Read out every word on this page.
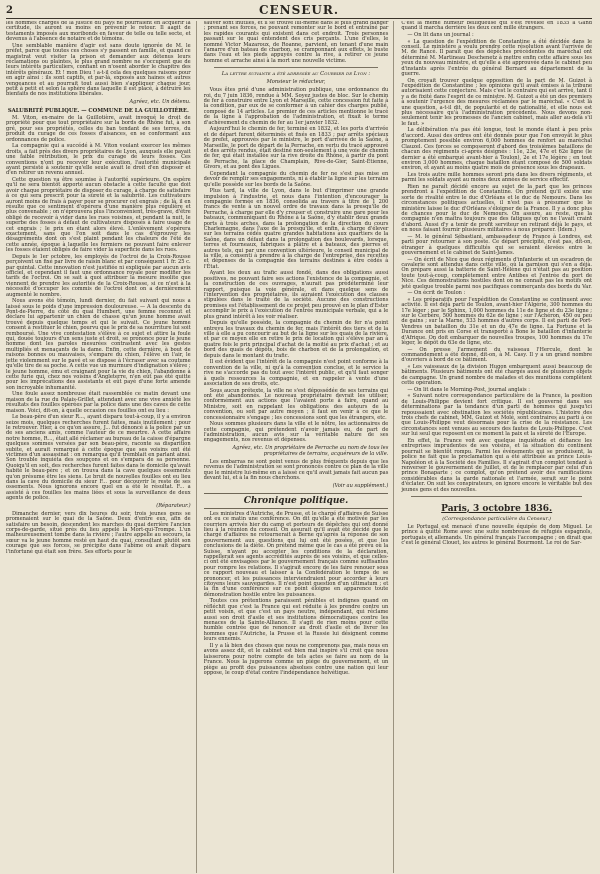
2	CENSEUR.

les hommes chargés de la justice du pays ne pourraient en acquérir la certitude, ils auront su moins en prévenir le retour. Il aagit de testaments imposés aux moribonds en faveur de telle ou telle secte, et devenus à l'absence de notaire et de témoins.

Une semblable manière d'agir est sans doute ignorée de M. le préfet, parce que toutes ces choses s'y passent en famille, et quand ce magistrat veut visiter la prison et demander aux détenus leurs réclamations ou plaintes, le plus grand nombre ne s'occupent que de leurs intérêts particuliers, confiant en n'osent aborder le chapitre des intérêts généraux. Et ! mon Dieu ! a-t-il cela des quelques raisons pour en agir ainsi : ils sont captifs, et par-là, exposés aux haines et autres vengeances et au pourrait tout aussi bien s'appliquer chaque jour, petit à petit et selon la sphère dans laquelle il est placé, à détruire les bienfaits de nos institutions libérales.

Agréez, etc. Un détenu.

SALUBRITÉ PUBLIQUE. — COMMUNE DE LA GUILLOTIÈRE.

M. Viton, ex-maire de la Guillotière, avait invoqué le droit de propriété pour que tout propriétaire sur la bords de Rhône fut, à son gré, pour ses propriétés, celles du ban tendant de ses terres, du produit du curage de ces fosses d'aisances, en se conformant aux ordonnances de police.

La compagnie qui a succédé à M. Viton voulant exercer les mêmes droits, a fait près des divers propriétaires de Lyon, auxquels elle payait une faible rétribution, le prix du curage de leurs fosses. Ces conventions n'ont pu recevoir leur exécution, l'autorité municipale ayant persisté à soutenir qu'elle seule avait le droit d'en disposer et d'en retirer un revenu annuel.

Cette question va être soumise à l'autorité supérieure. On espère qu'il ne sera bientôt apporté aucun obstacle à cette faculté que doit avoir chaque propriétaire de disposer du curage, à charge de satisfaire à ce qui sera prescrit pour la sûreté et la salubrité. Les cultivateurs auront moins de frais à payer pour se procurer cet engrais ; de là, il en résulte que ce sentiment d'opérera d'une manière plus régulière et plus convenable ; on n'éprouvera plus l'inconvénient, très-grave, d'être obligé de recevoir à vider dans les rues voisines, et pendant la nuit, le superbe des fosses à défaut de cultivateurs disposés à faire usage de cet engrais ; le prix en étant alors élevé. L'enlèvement s'opérera exactement, sans que l'on soit dans le cas d'éprouver les désagréments dont on s'est plaint pendant les chaleurs de l'été de cette année, époque à laquelle les fermiers ne pouvant faire enlever les fosses étaient obligés de faire vider la superficie dans les rues.

Depuis le 1er octobre, les employés de l'octroi de la Croix-Rousse perçoivent un fixé par livre de raisin blanc et par conséquent 1 fr. 25 c. par quintal. Cette innovation n'est justifiée ni expliquée par aucun avis officiel, et cependant il faut une ordonnance royale pour modifier les tarifs de l'octroi. On se sait à quoi attribuer la mesure insolite que viennent de prendre les autorités de la Croix-Rousse, si ce n'est à la nécessité d'occuper les commis de l'octroi dont on a dernièrement augmenté le nombre.

Nous avons été témoin, lundi dernier, du fait suivant qui nous a laissé sous le poids d'une impression douloureuse. — A la descente du Pont-de-Pierre, du côté du quai Humbert, une femme reconnut et déclare lui appartenir un chien de chasse qu'un jeune homme avait trouvé depuis quelque temps et qui le suivait. Ce jeune homme consent à restituer le chien, pourvu que le prix de sa nourriture lui soit remboursé. Une vive contestation s'élève à ce sujet et attire la foule qui, douée toujours d'un sens juste et droit, se prononce pour le jeune homme dont les paroles mesurées contrastent avec les gestes multipliés et menaçants de la dame. Enfin, cette dernière, à bout de raisons bonnes ou mauvaises, s'empare du chien, l'élève en l'air, le jette violemment sur le pavé et se dispose à l'écraser avec sa coutume qu'elle tire de sa poche. A cette vue un murmure d'indignation s'élève ; le jeune homme, ému et craignant pour la vie du chien, l'abandonne à cette furie qui, chez nos voisins d'Angleterre, n'en eût pas été quitte pour les imprécations des assistants et eût payé d'une forte amende son incroyable inhumanité.

Une foule assez nombreuse était rassemblée ce matin devant une maison de la rue du Palais-Grillet, attendant avec une vive anxiété les résultats des fouilles opérées par la police dans une des caves de cette maison. Voici, dit-on, à quelle occasion ces fouilles ont eu lieu :

Le beau-père d'un sieur R..., ayant disparu tout-à-coup, il y a environ seize mois, quelques recherches furent faites, mais inutilement ; pour le retrouver. Hier, à ce qu'on assure, J... fut dénoncé à la police par un de ses anciens amis, comme l'auteur de ce meurtre. A cette affaire notre homme, R..., était allé réclamer au bureau de la caisse d'épargne quelques sommes versées par son beau-père, raconte sa disparition subite, et aurait remarqué à cette époque que ses voisins ont été victimes d'un assassinat : on remarqua qu'il tremblait en parlant ainsi. Son trouble inquiéta des soupçons et on s'empara de sa personne. Quoiqu'il en soit, des recherches furent faites dans le domicile qu'avait habité le beau-père ; et on trouva dans la cave quelques ossements qu'on présume être les siens. Le bruit de nouvelles fouilles ont eu lieu dans la cave du domicile du sieur F... pour découvrir le reste de ses ossements. Nous ignorons encore quel en a été le résultat. F... a assisté à ces fouilles les mains liées et sous la surveillance de deux agents de police.

(Réparateur.)

Dimanche dernier, vers dix heures du soir, trois jeunes gens se promenaient sur le quai de la Saône. Deux d'entre eux, afin de satisfaire un besoin, descendent les marches du quai derrière l'ancien corps-de-garde, situé près du lieu appelé la Mort-qui-Trompe. L'un malheureusement tombe dans la rivière ; l'autre appelle au secours, la sœur va le jeune homme resté en haut du quai, consultant plutôt son courage que ses forces, se précipite dans l'abîme où avait disparu l'infortuné qui était son frère. Ses efforts pour le

sauver sont inutiles, et il se trouve lui-même dans le plus grand danger ; prenant ses forces, ne pouvant remonter sur le bord et entraîné par les rapides courants qui existent dans cet endroit. Trois personnes passant sur le quai entendent des cris perçants. L'une d'elles, le nommé Victor Mazaroux, de Roanne, parvient, en tenant d'une main l'amarre d'un bateau de charbon, se cramponnant aux effets, le buste dans l'eau et les pieds appuyés contre la rive, à retirer ce jeune homme et arrache ainsi à la mort une nouvelle victime.

La lettre suivante a été adressée au Courrier de Lyon :

Monsieur le rédacteur,

Vous êtes prié d'une administration publique, une ordonnance du roi, du 7 juin 1836, rendue à MM. Soyez justes de bloc. Sur le chemin de fer à construire entre Lyon et Marseille, cette concession fut faite à la condition, par eux de se conformer à un cahier des charges publié, composé de 14 articles. Le premier de ces articles mentionne le tracé de la ligne à l'approbation de l'administration, et fixait le terme d'achèvement du chemin de fer au 1er janvier 1832.

Aujourd'hui le chemin de fer, terminé en 1832, et les ports d'arrivée et de départ furent déterminés et fixés en 1833 ; par arrêts spéciaux de prefet, approuvés par le ministre, le port d'arrivée de la Saône, à Marseille, le port de départ de la Perrache, en vertu du tracé approuvé et des arrêts rendus, était destiné non-seulement à une voie de chemin de fer, qui était installée sur la rive droite du Rhône, à partir du pont de Perrache, la place de Champlain, Rive-de-Gier, Saint-Étienne, Givors, et au pont des Ligues.

Cependant la compagnie du chemin de fer ne s'est pas mise en devoir de remplir ses engagements, ni à établir la ligne sur les terrains qu'elle possède sur les bords de la Saône.

Plus tard, la ville de Lyon, dans le but d'imprimer une grande impulsion à l'industrie, et nous dans l'intention d'encourager la compagnie formée en 1836, consolida au travers à titre de 1 200 francs de vente à un nouvel ordre de travaux dans la presqu'île de Perrache, à charge par elle d'y creuser et construire une gare pour les bateaux, communiquant du Rhône à la Saône, d'y établir deux grands ports à trois arches, dans la prolongation de la direction du cours Charlemagne, dans l'axe de la presqu'île, et enfin, à charge d'élever sur les terrains cédés quatre grandes habitations aux quartiers de la Saône, dans un défaut dans la prolongation des boulevards, lorsque, terres et fourneaux, fabriques à plâtre et à bateaux, des pierres et autres tels, qui par une convention ultérieure, le conseil municipal de la ville, a consenti à prendre à la charge de l'entreprise, des recettes et dépenses de la compagnie des terrains destinés à être cédés à l'État.

Ayant les deux au trafic aussi fondé, dans des obligations aussi positives, ne pouvant faire ses actions l'existence de la compagnie, et la construction de ces ouvrages, n'aurait pas prédéterminé leur rapport, puisque la voie générale, et dans quelque sens de l'intervention des propriétaires, ils auraient l'exécution des clauses stipulées dans le traité de la société. Aucune des constructions promises est l'établissement de ce projet peu prouvé en le plan d'Ester accomplir le prix à l'exécution de l'entrée municipale verbale, qui a le plus grand intérêt à les voir réaliser.

Depuis qu'elle possède, la compagnie du chemin de fer n'a point entrevu les travaux du chemin de fer, mais l'intérêt des tiers et de la ville à elle a pu concourir au but de la ligne sur les quais de la rivière, et par ce moyen elle en retire le prix de location qui s'élève par an à quatre fois le prix principal d'achat de la moitié au prix d'achat ; et au bord des quais de dépôts, bois de charbon et de la prolongation, et depuis dans le montant du trafic.

Il est évident que l'intérêt de la compagnie n'est point conforme à la convention de la ville, ni qu'à la convention conclue, et le service la rive ne s'accorde pas du tout avec l'intérêt public, et qu'il faut songer à quels ressources la compagnie, et en rappeler à vente d'une association de ses droits, etc.

Sous aucun prétexte, la ville ne s'est dépossédée de ses terrains qui ont été abandonnés. Le nouveau propriétaire devrait les utiliser, conformément aux actions que l'avaient porte à faire, quand au Ministre, soit en rappelant les obligations des auteurs de la convention, ou soit par autre moyen ; il faut en venir à ce que le concessionnaire s'engage ; les concessions sont que les étrangers, etc.

Nous sommes plusieurs dans la ville et le nôtre, les actionnaires de cette compagnie, qui prétendent n'avoir jamais eu, de part de l'administration, aucun avis sur la véritable nature de ses engagements, nos revenus et dépenses.

Agréez, etc. Un propriétaire de Perrache au nom de tous les propriétaires de terrains, acquéreurs de la ville.

Les embarras ne sont point venus de plus fréquents depuis que les revenus de l'administration se sont prononcés contre ce plan de la ville que le ministre lui-même en a laissé ce qu'il avait jamais fait aucun pas devant lui, et à la fin nous cherchons.

(Voir au supplément.)

Chronique politique.

Les ministres d'Autriche, de Prusse, et le chargé d'affaires de Suisse ont eu ce matin une conférence. On dit qu'elle a été motivée par les courriers arrivés hier du camp et porteurs de dépêches qui ont donné lieu à la réunion du conseil. On assurait qu'il avait été décidé que le chargé d'affaires ne retournerait à Berne qu'après la réponse de son gouvernement aux questions qui lui ont été posées, et que les conclusions de la diète. On prétend même que le cas a été prévu où la Suisse, n'ayant pu accepter les conditions de la déclaration, rappellerait ses agents accrédités auprès de ses voisins, et que celles-ci ont été envisagées par le gouvernement français comme suffisantes pour rompre les relations. Il s'agirait encore de les faire renouer sous ce rapport nouveau et laisser à la Confédération le temps de se prononcer, et les puissances interviendraient pour accorder à leurs citoyens leurs sauvegardes. Il n'est point question d'un ultimatum ; et la fin d'une conférence sur ce point éloigne en apparence toute démonstration hostile entre les puissances.

Toutes ces prétentions paraissent pénibles et indignes quand on réfléchit que c'est la France qui est réduite à les prendre contre un petit voisin, et que c'est un pays neutre, indépendant, qui réclame aussi son droit d'asile et ses institutions démocratiques contre les menaces de la Sainte-Alliance. Il s'agit de rien moins pour cette humble contrée que de renoncer au droit d'asile et de livrer les hommes que l'Autriche, la Prusse et la Russie lui désignent comme leurs ennemis.

Il y a là bien des choses que nous ne comprenons pas, mais nous en avons assez dit, et le cabinet est bien mal inspiré s'il croit que nous laisserons pour notre compte de tels actes se faire au nom de la France. Nous la jugerons comme un piège du gouvernement, et un piège au profit des puissances absolues contre une nation qui leur oppose, le coup d'état contre l'indépendance helvétique.

C'est la même humeur belliqueuse qui s'est révélée en 1835 à Gand quand il marcha derrière les deux cent mille étrangers.

— On lit dans un journal :

« La question de l'expédition de Constantine a été décidée dans le conseil. Le ministère a voulu prendre cette résolution avant l'arrivée de M. de Rancé. Il paraît que des dépêches précédentes du maréchal ont déterminé M. Martineau Deschenetz à mettre enfin cette affaire sous les yeux du nouveau ministre, et qu'elle a été approuvée dans le cabinet peu d'instants après l'entrée du général Bernard au département de la guerre.

On croyait trouver quelque opposition de la part de M. Guizot à l'expédition de Constantine ; les opinions qu'il avait émises à la tribune autorisaient cette conjecture. Mais c'est le contraire qui est arrivé, tant il y a de fixité dans l'esprit de ce ministre. M. Guizot a été un des premiers à soutenir l'urgence des mesures réclamées par le maréchal. « C'est là une question, a-t-il dit, de popularité et de nationalité, et elle nous est plus nécessaire qu'à l'administration précédente. Nous devons non-seulement tenir les promesses de l'ancien cabinet, mais aller au-delà s'il le faut. »

La délibération n'a pas été longue, tout le monde étant à peu près d'accord. Aussi des ordres ont été donnés pour que l'on envoyât le plus promptement possible environ 6,000 hommes de renfort au maréchal Clauzel. Ces forces se composeront d'abord des troisièmes bataillons de chacun des régiments ci-après désignés : 11e, 23e, 47e et 62e ligne (le dernier a été embarqué avant-hier à Toulon), 2e et 17e légère ; en tout environ 3,000 hommes, chaque bataillon étant composé de 500 soldats environ, et ayant au moins quatre mois de présence sous les drapeaux.

Les trois autre mille hommes seront pris dans les divers régiments, et parmi les soldats ayant au moins deux années de service effectif.

Rien ne paraît décidé encore au sujet de la part que les princes prendront à l'expédition de Constantine. On prétend qu'il existe une sorte de rivalité entre le duc d'Orléans et le duc de Nemours. Dans les circonstances politiques actuelles, il n'est pas à présumer que le ministère laisse le duc d'Orléans s'éloigner de la France. Il y a donc plus de chances pour le duc de Nemours. On assure, au reste, que la compagnie n'en maîtra toujours que des fatigues qu'on ne l'avait craint d'abord. Aussi d'y a tenir de profit serviteur en retirant déjà le pays, et en nous faisant fournir plusieurs militaires à nous préparer. (Idem.)

— M. le général Sébastiani, ambassadeur de France à Londres, est parti pour retourner à son poste. Ce départ précipité, n'est pas, dit-on, étranger à quelques difficultés qui se seraient élevées entre le gouvernement et le cabinet de Saint-James.

— On écrit de Nice que deux régiments d'infanterie et un escadron de cavalerie sont attendus dans cette ville, où la garnison qui s'en a déjà. On prépare aussi la batterie de Saint-Hélène qui n'était pas au position toute tout-à-coup, complètement entre Antibes et l'entrée du port de Nice. Ces démonstrations hostiles dont on ne connaît pas les motifs ont jeté quelque trouble parmi nos pacifiques commerçants des bords du Var.

— On écrit de Toulon :

« Les préparatifs pour l'expédition de Constantine se continuent avec activité. Il est déjà parti de Toulon, avant-hier l'Algérie, 300 hommes du 17e léger ; par le Sphinx, 1,000 hommes du 11e de ligne et du 23e ligne ; sur le Cerbère, 500 hommes du 62e de ligne ; sur l'Achéron, 450 ou peu de gains ; sur la Marne, 533 hommes d'autres corps. Il est parti de Port-Vendres un bataillon du 31e et un du 47e de ligne. La Fortune et la Durance ont pris en Corse et transporté à Bone le bataillon d'infanterie d'Afrique. On doit embarquer de nouvelles troupes, 100 hommes du 17e léger, le dépôt du 63e de ligne, etc.

— On presse l'armement du vaisseau l'Hercule, dont le commandement a été donné, dit-on, à M. Casy. Il y a un grand nombre d'ouvriers à bord de ce bâtiment.

« Les vaisseaux de la division Hugon embarquent aussi beaucoup de bâtiments. Plusieurs bâtiments ont été chargés aussi de plusieurs objets de campagne. Un grand nombre de malades et des munitions complètent cette opération.

— On lit dans le Morning-Post, journal anglais :

« Suivant notre correspondance particulière de la France, la position de Louis-Philippe devient fort critique. Il est gouverné dans ses déterminations par la tendance d'un parti de hommes qui jusqu'ici repoussaient avec obstination les sociétés républicaines. L'histoire des trois chefs de cabinet, MM. Guizot et Molé, sont contraires au parti à ce que Louis-Philippe veut désormais pour la crise de la résistance. Les circonstances sont venues au secours des fautes de Louis-Philippe. C'est sur lui seul que reposent en ce moment la paix et la sûreté de l'Europe.

En effet, la France voit avec quelque inquiétude et défiance les entreprises imprudentes de ses voisins, et la situation du continent pourrait se bientôt rompu. Parmi les événements qui se produisent, la police ne fait que la proclamation qui a été attribuée au prince Louis-Napoléon et à la Société des Familles. Il s'agirait d'un complot tendant à renverser le gouvernement de Juillet, et de le remplacer par celui d'un prince Bonaparte ; ce complot, qu'on prétend avoir des ramifications considérables dans la garde nationale et l'armée, serait sur le point d'éclater. On suit les conspirateurs, on ignore encore le véritable but des jeunes gens et des nouvelles.

Paris, 3 octobre 1836.

(Correspondance particulière du Censeur.)

Le Portugal est menacé d'une nouvelle équipée de dom Miguel. Le prince à quitté Rome avec une suite nombreuse de réfugiés espagnols, portugais et allemands. Un général français l'accompagne ; on dirait que c'est le général Clouet, les autres le général Bourmont. Le roi de Sar-
